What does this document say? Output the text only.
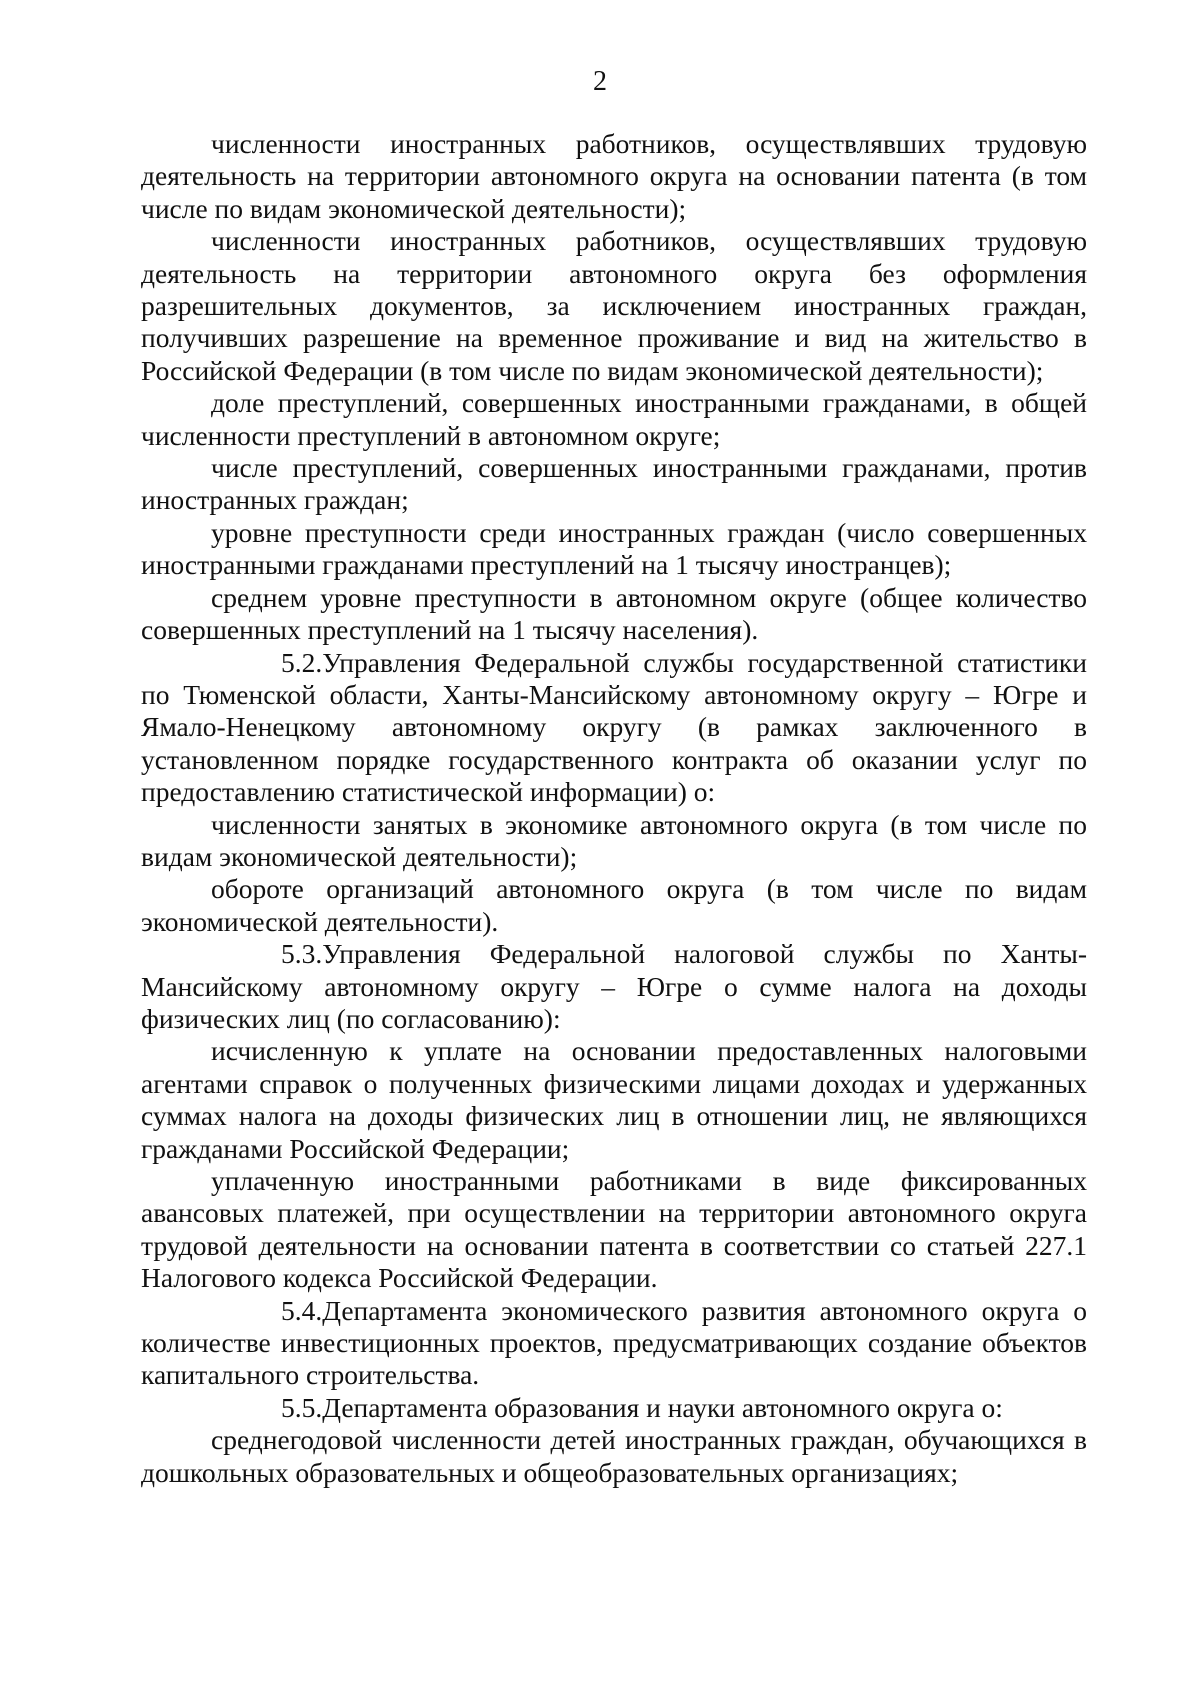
2

численности иностранных работников, осуществлявших трудовую деятельность на территории автономного округа на основании патента (в том числе по видам экономической деятельности);

численности иностранных работников, осуществлявших трудовую деятельность на территории автономного округа без оформления разрешительных документов, за исключением иностранных граждан, получивших разрешение на временное проживание и вид на жительство в Российской Федерации (в том числе по видам экономической деятельности);

доле преступлений, совершенных иностранными гражданами, в общей численности преступлений в автономном округе;

числе преступлений, совершенных иностранными гражданами, против иностранных граждан;

уровне преступности среди иностранных граждан (число совершенных иностранными гражданами преступлений на 1 тысячу иностранцев);

среднем уровне преступности в автономном округе (общее количество совершенных преступлений на 1 тысячу населения).

5.2.Управления Федеральной службы государственной статистики по Тюменской области, Ханты-Мансийскому автономному округу – Югре и Ямало-Ненецкому автономному округу (в рамках заключенного в установленном порядке государственного контракта об оказании услуг по предоставлению статистической информации) о:

численности занятых в экономике автономного округа (в том числе по видам экономической деятельности);

обороте организаций автономного округа (в том числе по видам экономической деятельности).

5.3.Управления Федеральной налоговой службы по Ханты-Мансийскому автономному округу – Югре о сумме налога на доходы физических лиц (по согласованию):

исчисленную к уплате на основании предоставленных налоговыми агентами справок о полученных физическими лицами доходах и удержанных суммах налога на доходы физических лиц в отношении лиц, не являющихся гражданами Российской Федерации;

уплаченную иностранными работниками в виде фиксированных авансовых платежей, при осуществлении на территории автономного округа трудовой деятельности на основании патента в соответствии со статьей 227.1 Налогового кодекса Российской Федерации.

5.4.Департамента экономического развития автономного округа о количестве инвестиционных проектов, предусматривающих создание объектов капитального строительства.

5.5.Департамента образования и науки автономного округа о:

среднегодовой численности детей иностранных граждан, обучающихся в дошкольных образовательных и общеобразовательных организациях;
